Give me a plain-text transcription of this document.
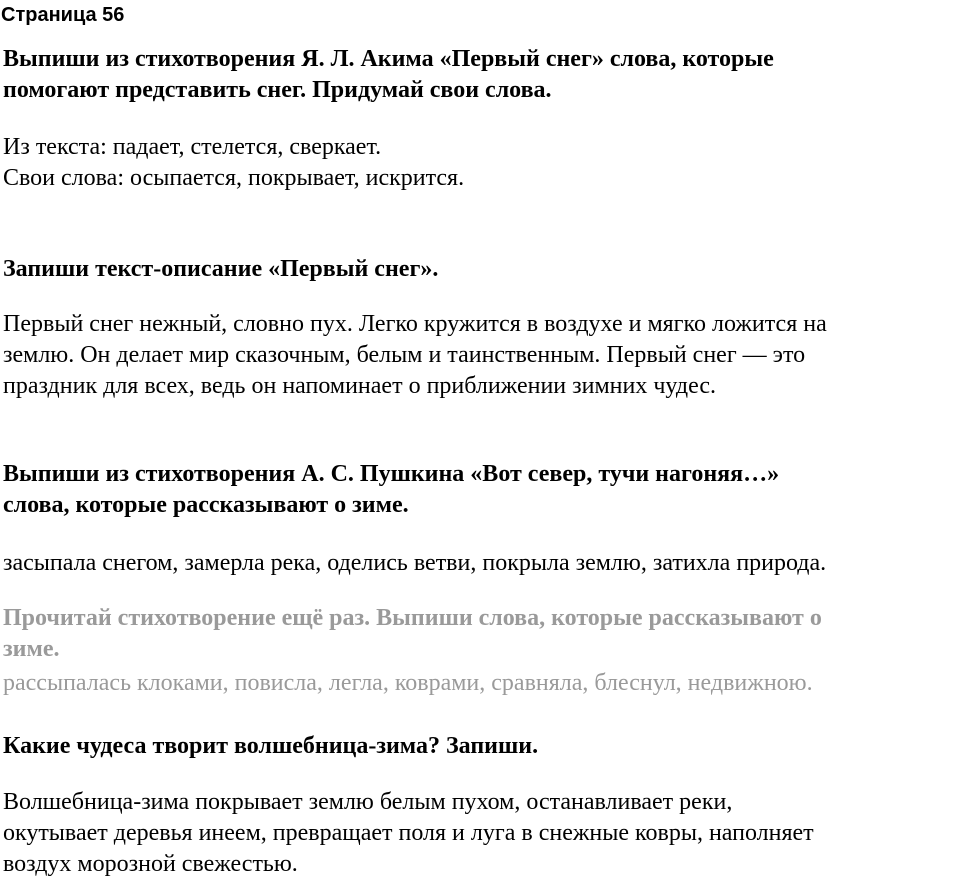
Страница 56

Выпиши из стихотворения Я. Л. Акима «Первый снег» слова, которые
помогают представить снег. Придумай свои слова.

Из текста: падает, стелется, сверкает.
Свои слова: осыпается, покрывает, искрится.

Запиши текст-описание «Первый снег».

Первый снег нежный, словно пух. Легко кружится в воздухе и мягко ложится на
землю. Он делает мир сказочным, белым и таинственным. Первый снег — это
праздник для всех, ведь он напоминает о приближении зимних чудес.

Выпиши из стихотворения А. С. Пушкина «Вот север, тучи нагоняя…»
слова, которые рассказывают о зиме.

засыпала снегом, замерла река, оделись ветви, покрыла землю, затихла природа.

Прочитай стихотворение ещё раз. Выпиши слова, которые рассказывают о
зиме.

рассыпалась клоками, повисла, легла, коврами, сравняла, блеснул, недвижною.

Какие чудеса творит волшебница-зима? Запиши.

Волшебница-зима покрывает землю белым пухом, останавливает реки,
окутывает деревья инеем, превращает поля и луга в снежные ковры, наполняет
воздух морозной свежестью.
